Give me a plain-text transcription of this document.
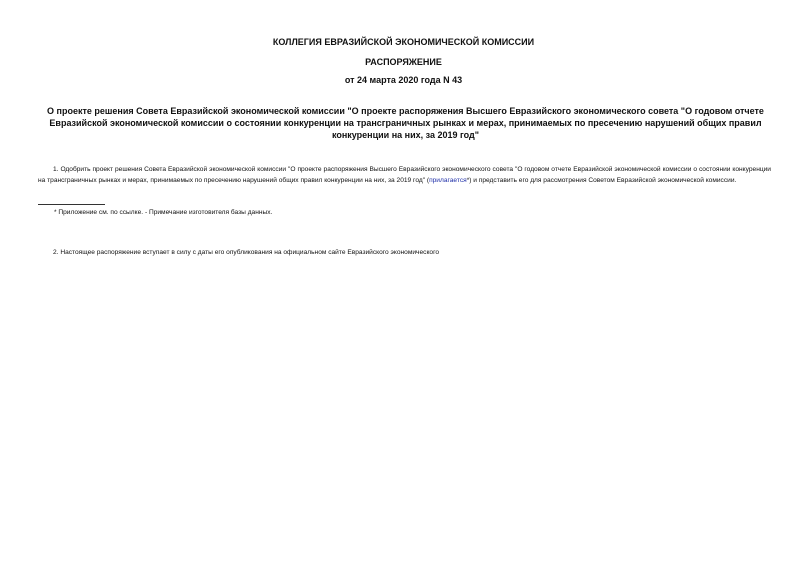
КОЛЛЕГИЯ ЕВРАЗИЙСКОЙ ЭКОНОМИЧЕСКОЙ КОМИССИИ
РАСПОРЯЖЕНИЕ
от 24 марта 2020 года N 43
О проекте решения Совета Евразийской экономической комиссии "О проекте распоряжения Высшего Евразийского экономического совета "О годовом отчете Евразийской экономической комиссии о состоянии конкуренции на трансграничных рынках и мерах, принимаемых по пресечению нарушений общих правил конкуренции на них, за 2019 год"
1. Одобрить проект решения Совета Евразийской экономической комиссии "О проекте распоряжения Высшего Евразийского экономического совета "О годовом отчете Евразийской экономической комиссии о состоянии конкуренции на трансграничных рынках и мерах, принимаемых по пресечению нарушений общих правил конкуренции на них, за 2019 год" (прилагается*) и представить его для рассмотрения Советом Евразийской экономической комиссии.
* Приложение см. по ссылке. - Примечание изготовителя базы данных.
2. Настоящее распоряжение вступает в силу с даты его опубликования на официальном сайте Евразийского экономического
